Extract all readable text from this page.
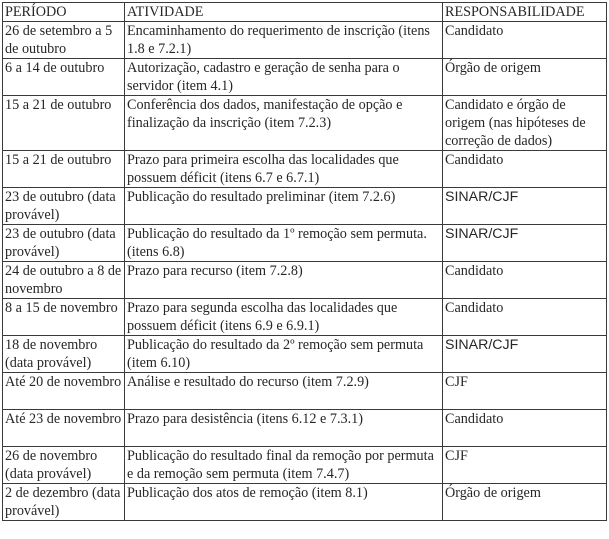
PERÍODO	ATIVIDADE	RESPONSABILIDADE
26 de setembro a 5 de outubro	Encaminhamento do requerimento de inscrição (itens 1.8 e 7.2.1)	Candidato
6 a 14 de outubro	Autorização, cadastro e geração de senha para o servidor (item 4.1)	Órgão de origem
15 a 21 de outubro	Conferência dos dados, manifestação de opção e finalização da inscrição (item 7.2.3)	Candidato e órgão de origem (nas hipóteses de correção de dados)
15 a 21 de outubro	Prazo para primeira escolha das localidades que possuem déficit (itens 6.7 e 6.7.1)	Candidato
23 de outubro (data provável)	Publicação do resultado preliminar (item 7.2.6)	SINAR/CJF
23 de outubro (data provável)	Publicação do resultado da 1º remoção sem permuta. (itens 6.8)	SINAR/CJF
24 de outubro a 8 de novembro	Prazo para recurso (item 7.2.8)	Candidato
8 a 15 de novembro	Prazo para segunda escolha das localidades que possuem déficit (itens 6.9 e 6.9.1)	Candidato
18 de novembro (data provável)	Publicação do resultado da 2º remoção sem permuta (item 6.10)	SINAR/CJF
Até 20 de novembro	Análise e resultado do recurso (item 7.2.9)	CJF
Até 23 de novembro	Prazo para desistência (itens 6.12 e 7.3.1)	Candidato
26 de novembro (data provável)	Publicação do resultado final da remoção por permuta e da remoção sem permuta (item 7.4.7)	CJF
2 de dezembro (data provável)	Publicação dos atos de remoção (item 8.1)	Órgão de origem
